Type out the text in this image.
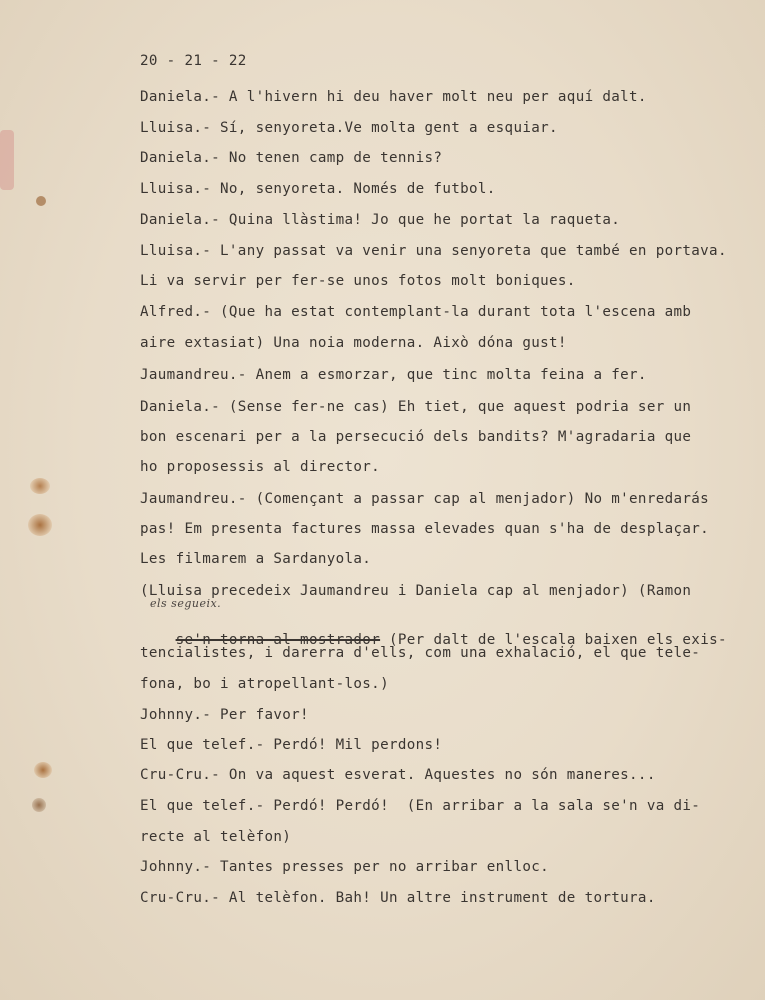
20 - 21 - 22
Daniela.- A l'hivern hi deu haver molt neu per aquí dalt.
Lluisa.- Sí, senyoreta.Ve molta gent a esquiar.
Daniela.- No tenen camp de tennis?
Lluisa.- No, senyoreta. Només de futbol.
Daniela.- Quina llàstima! Jo que he portat la raqueta.
Lluisa.- L'any passat va venir una senyoreta que també en portava.
Li va servir per fer-se unos fotos molt boniques.
Alfred.- (Que ha estat contemplant-la durant tota l'escena amb
aire extasiat) Una noia moderna. Això dóna gust!
Jaumandreu.- Anem a esmorzar, que tinc molta feina a fer.
Daniela.- (Sense fer-ne cas) Eh tiet, que aquest podria ser un
bon escenari per a la persecució dels bandits? M'agradaria que
ho proposessis al director.
Jaumandreu.- (Començant a passar cap al menjador) No m'enredarás
pas! Em presenta factures massa elevades quan s'ha de desplaçar.
Les filmarem a Sardanyola.
(Lluisa precedeix Jaumandreu i Daniela cap al menjador) (Ramon
els segueix.

se'n torna al mostrador (Per dalt de l'escala baixen els exis-

tencialistes, i darerra d'ells, com una exhalació, el que tele-
fona, bo i atropellant-los.)
Johnny.- Per favor!
El que telef.- Perdó! Mil perdons!
Cru-Cru.- On va aquest esverat. Aquestes no són maneres...
El que telef.- Perdó! Perdó!  (En arribar a la sala se'n va di-
recte al telèfon)
Johnny.- Tantes presses per no arribar enlloc.
Cru-Cru.- Al telèfon. Bah! Un altre instrument de tortura.
